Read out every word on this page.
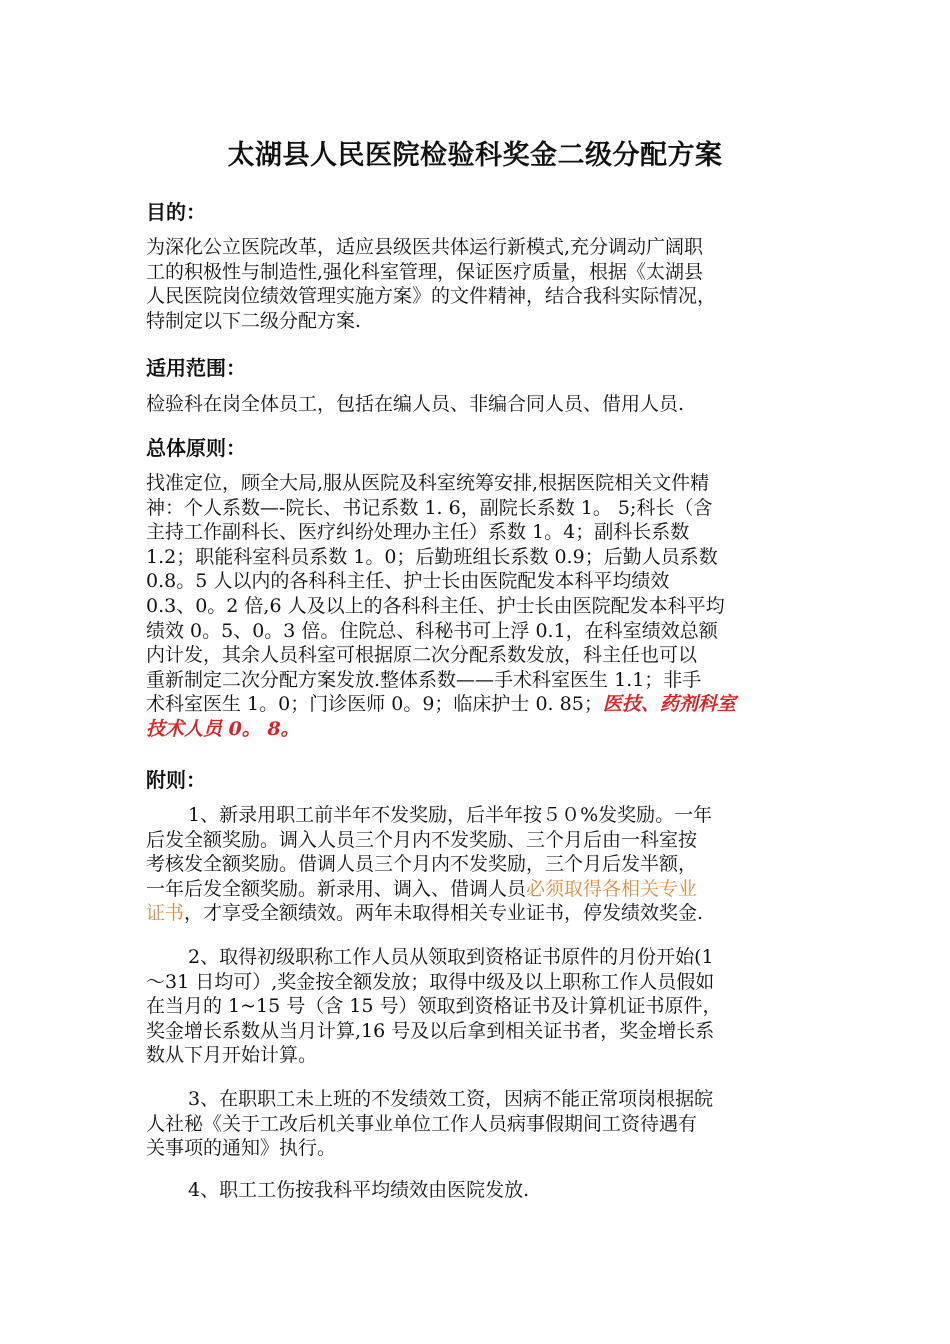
太湖县人民医院检验科奖金二级分配方案
目的：
为深化公立医院改革，适应县级医共体运行新模式,充分调动广阔职
工的积极性与制造性,强化科室管理，保证医疗质量，根据《太湖县
人民医院岗位绩效管理实施方案》的文件精神，结合我科实际情况，
特制定以下二级分配方案.
适用范围：
检验科在岗全体员工，包括在编人员、非编合同人员、借用人员.
总体原则：
找准定位，顾全大局,服从医院及科室统筹安排,根据医院相关文件精
神：个人系数—-院长、书记系数 1. 6，副院长系数 1。 5;科长（含
主持工作副科长、医疗纠纷处理办主任）系数 1。4；副科长系数
1.2；职能科室科员系数 1。0；后勤班组长系数 0.9；后勤人员系数
0.8。5 人以内的各科科主任、护士长由医院配发本科平均绩效
0.3、0。2 倍,6 人及以上的各科科主任、护士长由医院配发本科平均
绩效 0。5、0。3 倍。住院总、科秘书可上浮 0.1，在科室绩效总额
内计发，其余人员科室可根据原二次分配系数发放，科主任也可以
重新制定二次分配方案发放.整体系数——手术科室医生 1.1；非手
术科室医生 1。0；门诊医师 0。9；临床护士 0. 85；医技、药剂科室
技术人员 0。 8。
附则：
1、新录用职工前半年不发奖励，后半年按５０%发奖励。一年
后发全额奖励。调入人员三个月内不发奖励、三个月后由一科室按
考核发全额奖励。借调人员三个月内不发奖励，三个月后发半额，
一年后发全额奖励。新录用、调入、借调人员必须取得各相关专业
证书，才享受全额绩效。两年未取得相关专业证书，停发绩效奖金.
2、取得初级职称工作人员从领取到资格证书原件的月份开始(1
～31 日均可）,奖金按全额发放；取得中级及以上职称工作人员假如
在当月的 1~15 号（含 15 号）领取到资格证书及计算机证书原件，
奖金增长系数从当月计算,16 号及以后拿到相关证书者，奖金增长系
数从下月开始计算。
3、在职职工未上班的不发绩效工资，因病不能正常项岗根据皖
人社秘《关于工改后机关事业单位工作人员病事假期间工资待遇有
关事项的通知》执行。
4、职工工伤按我科平均绩效由医院发放.
